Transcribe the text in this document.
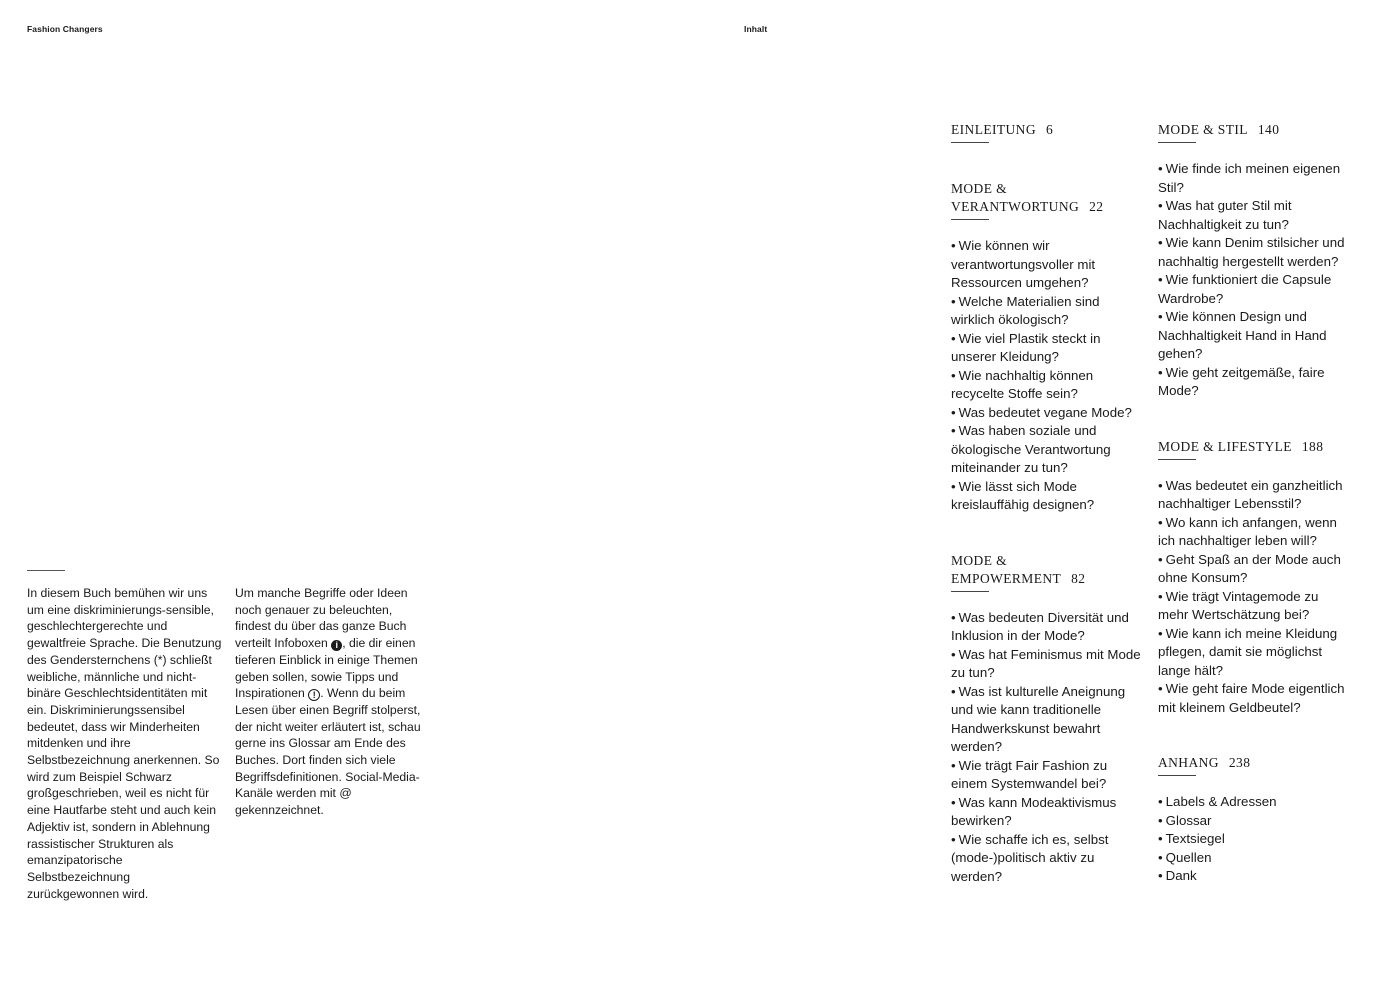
Fashion Changers	Inhalt

In diesem Buch bemühen wir uns um eine diskriminierungs-sensible, geschlechtergerechte und gewaltfreie Sprache. Die Benutzung des Gendersternchens (*) schließt weibliche, männliche und nicht-binäre Geschlechtsidentitäten mit ein. Diskriminierungssensibel bedeutet, dass wir Minderheiten mitdenken und ihre Selbstbezeichnung anerkennen. So wird zum Beispiel Schwarz großgeschrieben, weil es nicht für eine Hautfarbe steht und auch kein Adjektiv ist, sondern in Ablehnung rassistischer Strukturen als emanzipatorische Selbstbezeichnung zurückgewonnen wird.

Um manche Begriffe oder Ideen noch genauer zu beleuchten, findest du über das ganze Buch verteilt Infoboxen i , die dir einen tieferen Einblick in einige Themen geben sollen, sowie Tipps und Inspirationen ! . Wenn du beim Lesen über einen Begriff stolperst, der nicht weiter erläutert ist, schau gerne ins Glossar am Ende des Buches. Dort finden sich viele Begriffsdefinitionen. Social-Media-Kanäle werden mit @ gekennzeichnet.

EINLEITUNG 6
MODE & VERANTWORTUNG 22
• Wie können wir verantwortungsvoller mit Ressourcen umgehen?
• Welche Materialien sind wirklich ökologisch?
• Wie viel Plastik steckt in unserer Kleidung?
• Wie nachhaltig können recycelte Stoffe sein?
• Was bedeutet vegane Mode?
• Was haben soziale und ökologische Verantwortung miteinander zu tun?
• Wie lässt sich Mode kreislauffähig designen?
MODE & EMPOWERMENT 82
• Was bedeuten Diversität und Inklusion in der Mode?
• Was hat Feminismus mit Mode zu tun?
• Was ist kulturelle Aneignung und wie kann traditionelle Handwerkskunst bewahrt werden?
• Wie trägt Fair Fashion zu einem Systemwandel bei?
• Was kann Modeaktivismus bewirken?
• Wie schaffe ich es, selbst (mode-)politisch aktiv zu werden?
MODE & STIL 140
• Wie finde ich meinen eigenen Stil?
• Was hat guter Stil mit Nachhaltigkeit zu tun?
• Wie kann Denim stilsicher und nachhaltig hergestellt werden?
• Wie funktioniert die Capsule Wardrobe?
• Wie können Design und Nachhaltigkeit Hand in Hand gehen?
• Wie geht zeitgemäße, faire Mode?
MODE & LIFESTYLE 188
• Was bedeutet ein ganzheitlich nachhaltiger Lebensstil?
• Wo kann ich anfangen, wenn ich nachhaltiger leben will?
• Geht Spaß an der Mode auch ohne Konsum?
• Wie trägt Vintagemode zu mehr Wertschätzung bei?
• Wie kann ich meine Kleidung pflegen, damit sie möglichst lange hält?
• Wie geht faire Mode eigentlich mit kleinem Geldbeutel?
ANHANG 238
• Labels & Adressen
• Glossar
• Textsiegel
• Quellen
• Dank
